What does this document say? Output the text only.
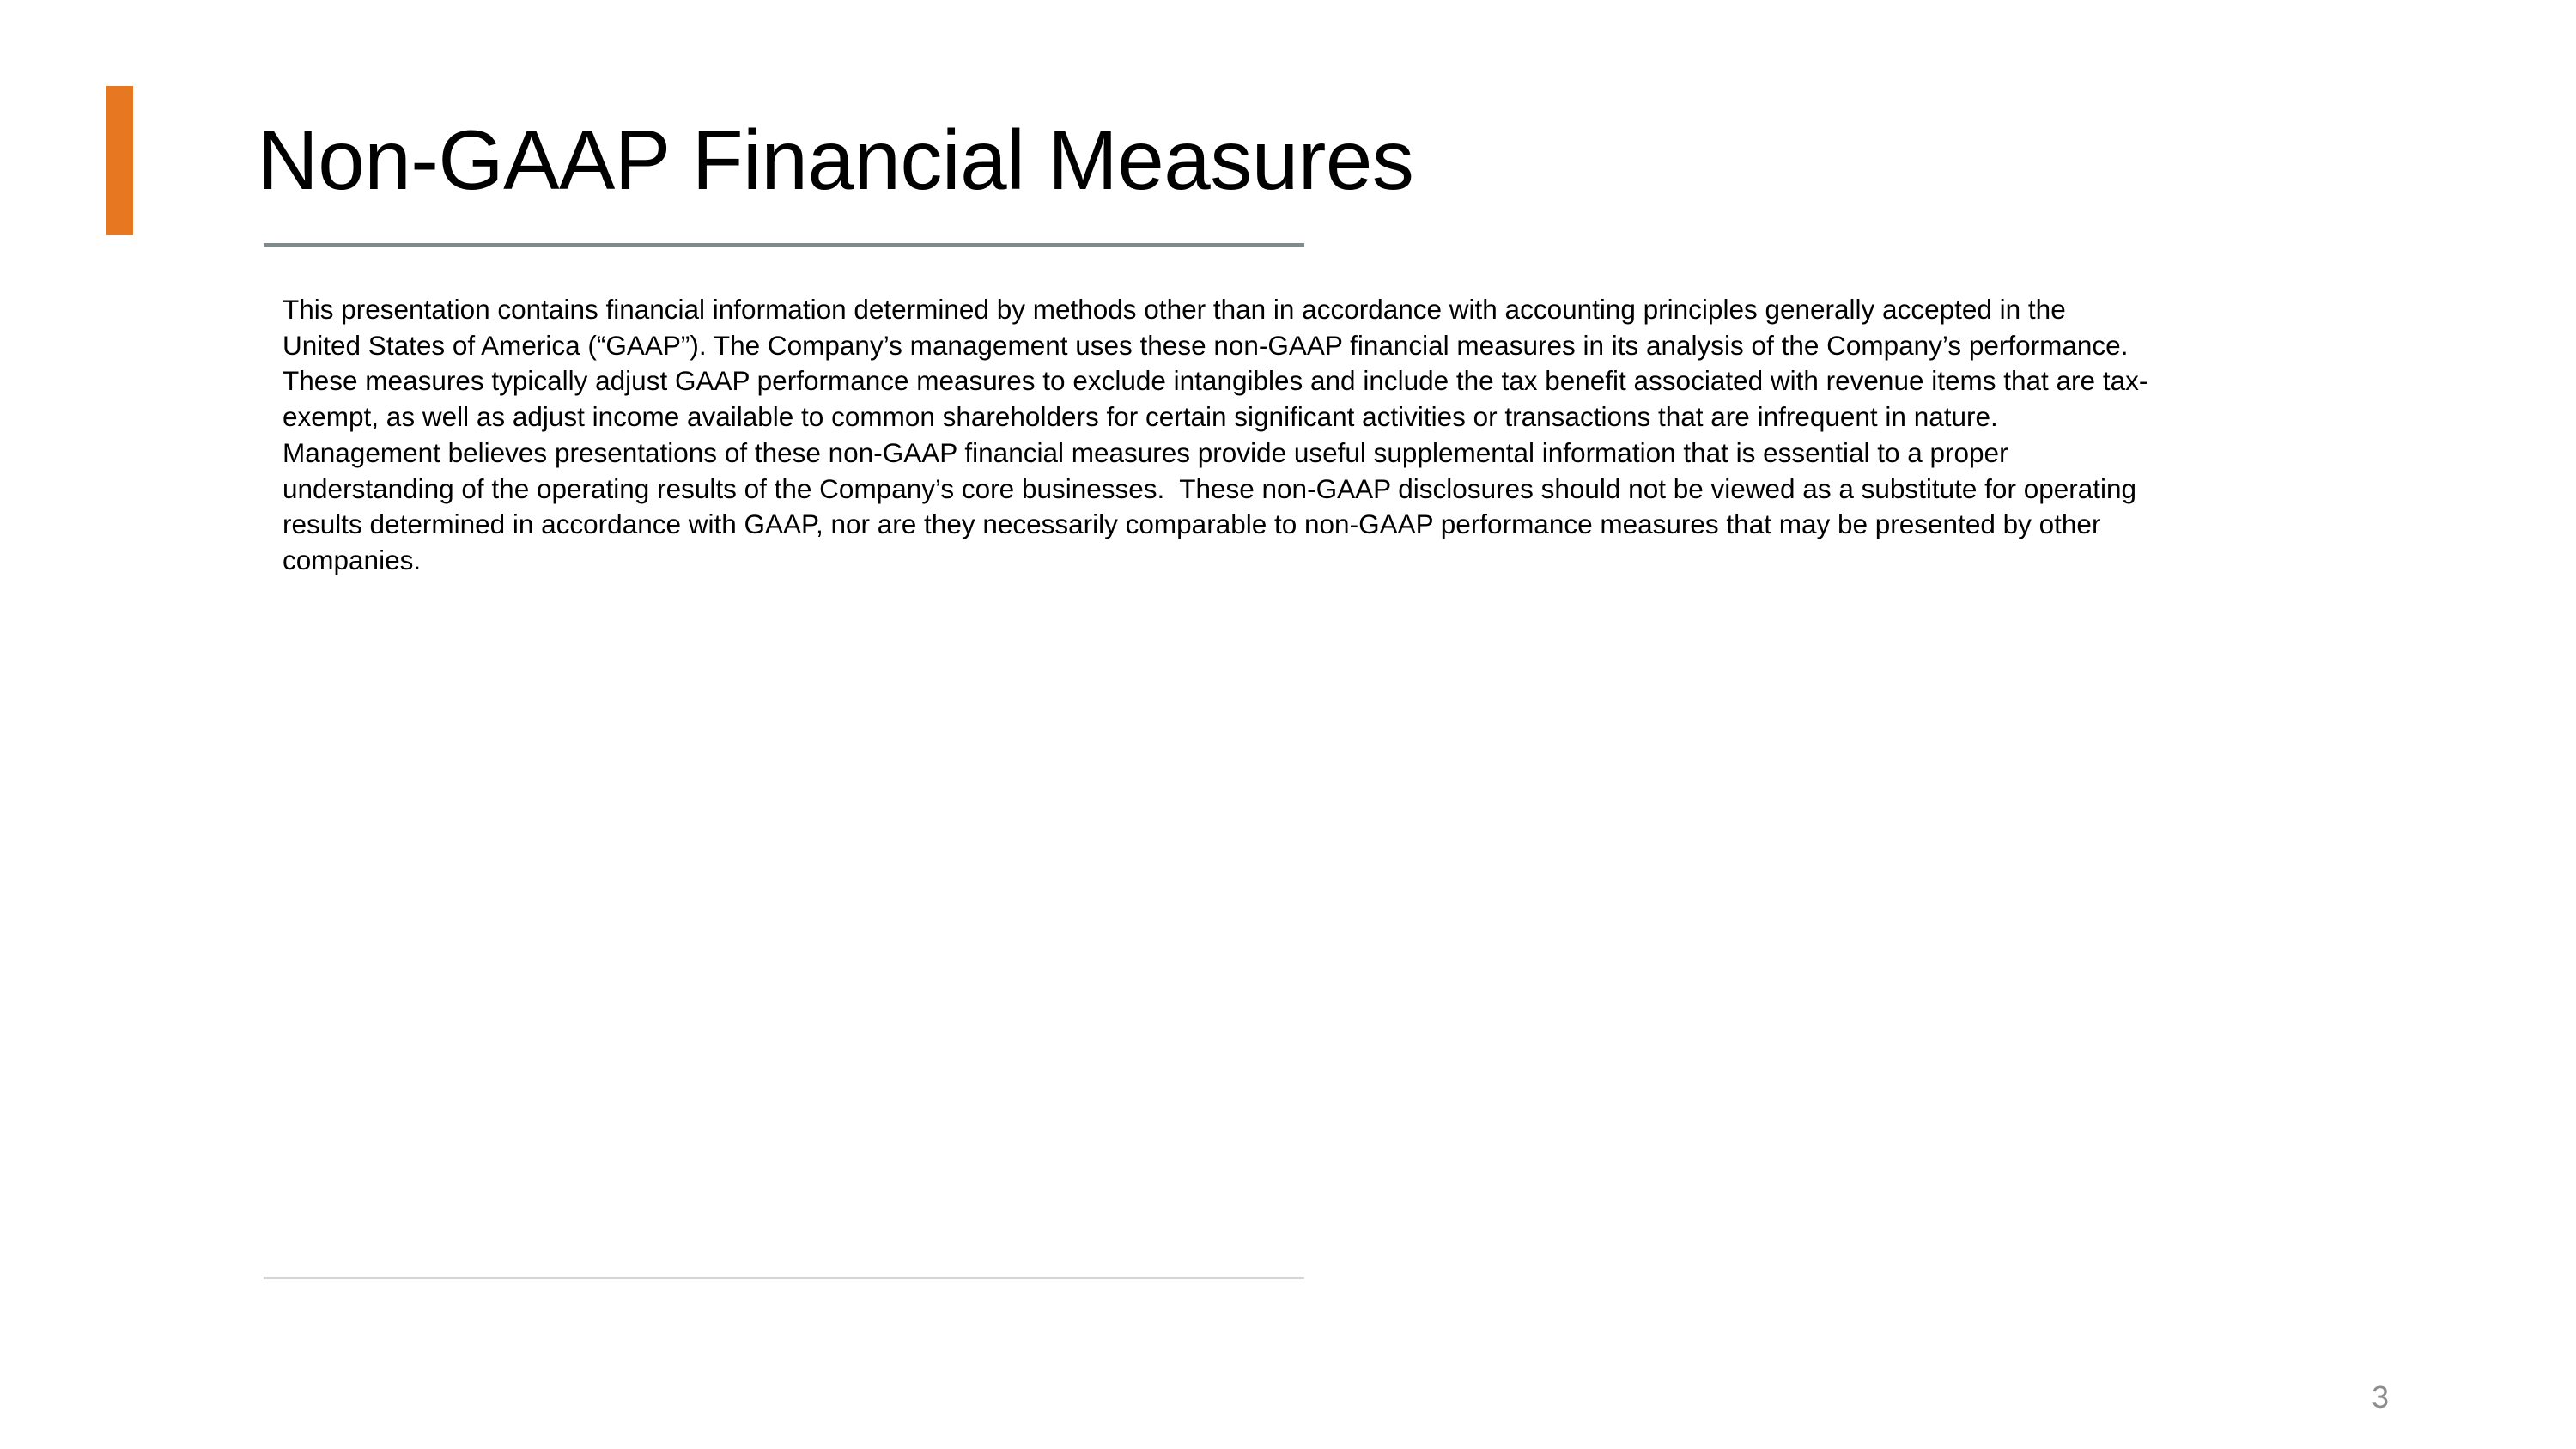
Non-GAAP Financial Measures
This presentation contains financial information determined by methods other than in accordance with accounting principles generally accepted in the
United States of America (“GAAP”). The Company’s management uses these non-GAAP financial measures in its analysis of the Company’s performance.
These measures typically adjust GAAP performance measures to exclude intangibles and include the tax benefit associated with revenue items that are tax-
exempt, as well as adjust income available to common shareholders for certain significant activities or transactions that are infrequent in nature.
Management believes presentations of these non-GAAP financial measures provide useful supplemental information that is essential to a proper
understanding of the operating results of the Company’s core businesses.  These non-GAAP disclosures should not be viewed as a substitute for operating
results determined in accordance with GAAP, nor are they necessarily comparable to non-GAAP performance measures that may be presented by other
companies.
3
